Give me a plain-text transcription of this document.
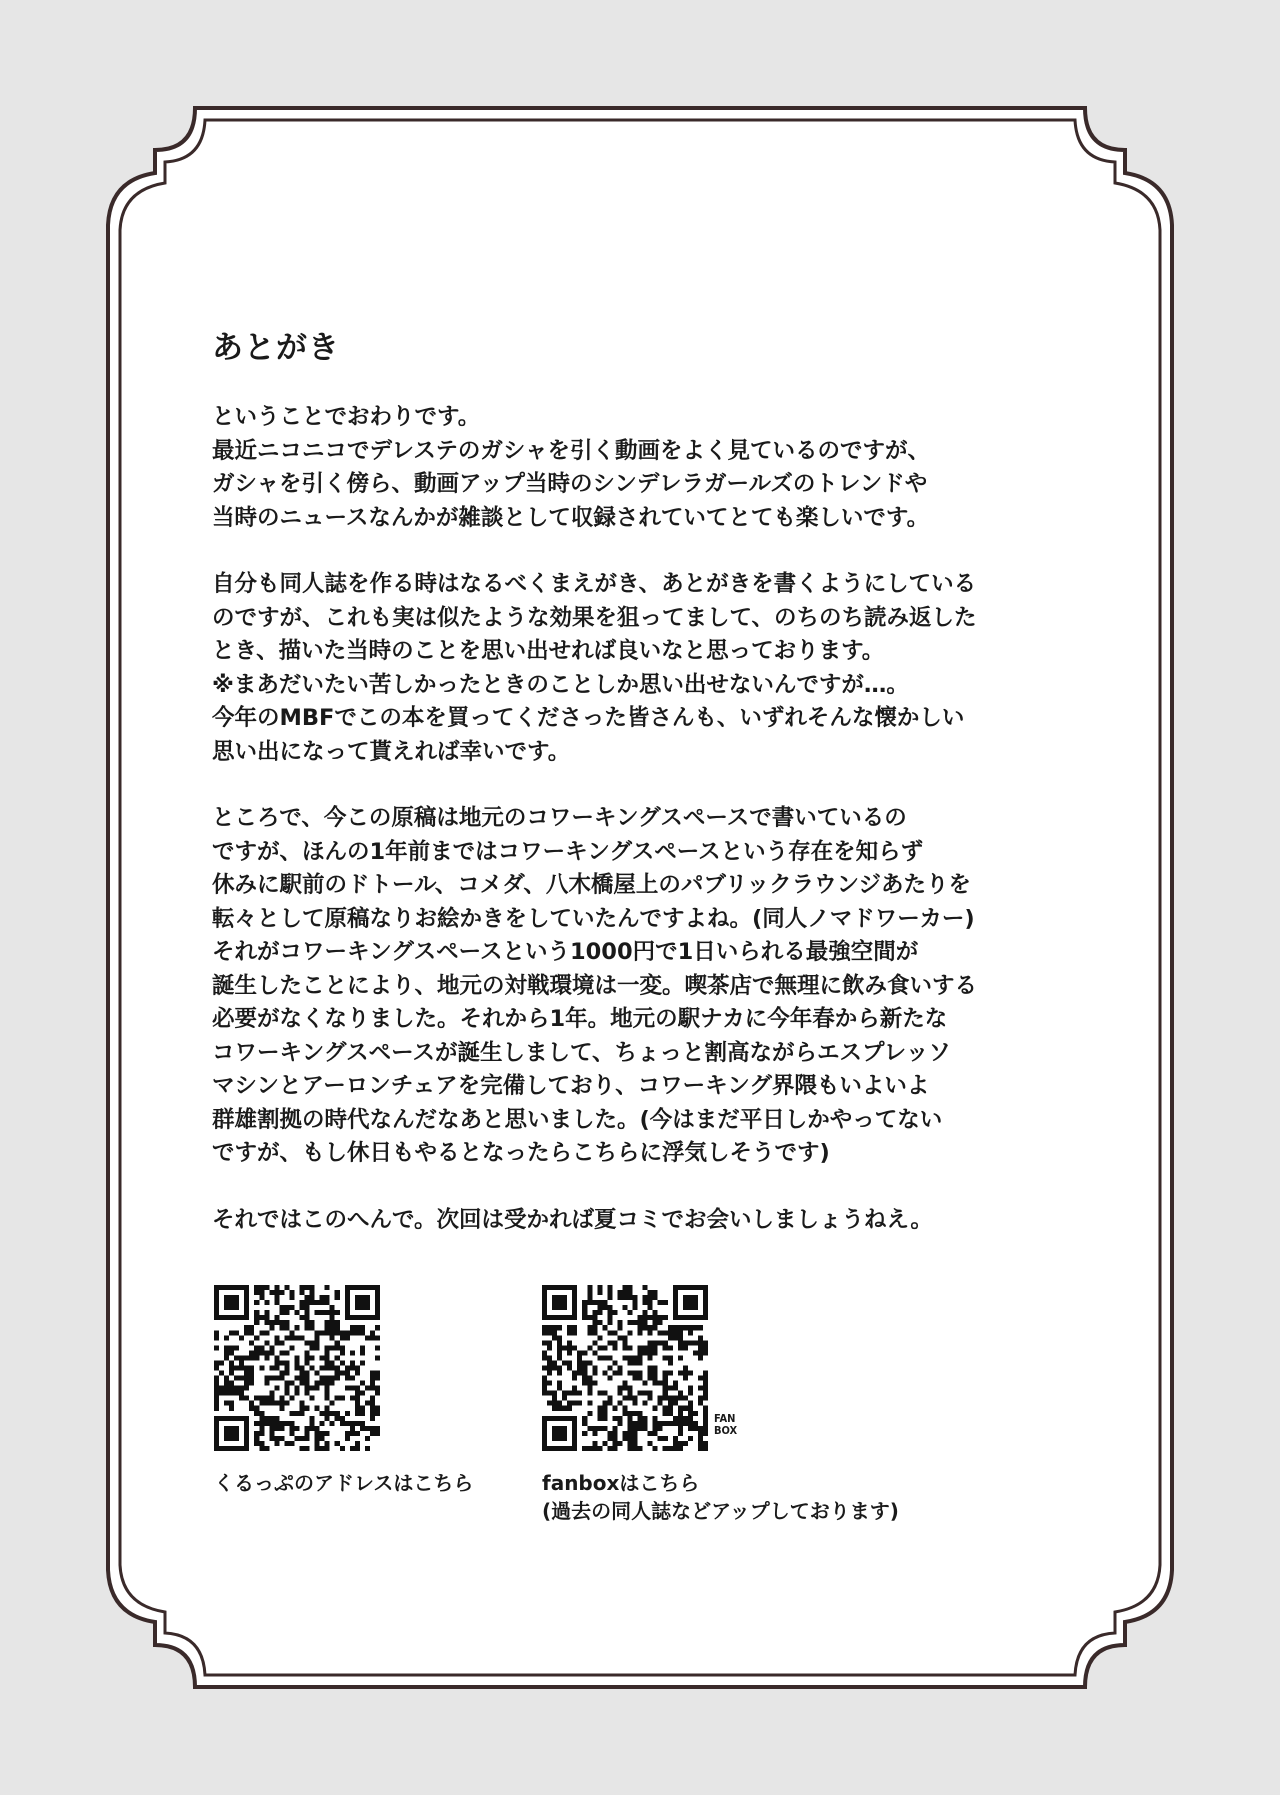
あとがき
ということでおわりです。
最近ニコニコでデレステのガシャを引く動画をよく見ているのですが、
ガシャを引く傍ら、動画アップ当時のシンデレラガールズのトレンドや
当時のニュースなんかが雑談として収録されていてとても楽しいです。
自分も同人誌を作る時はなるべくまえがき、あとがきを書くようにしている
のですが、これも実は似たような効果を狙ってまして、のちのち読み返した
とき、描いた当時のことを思い出せれば良いなと思っております。
※まあだいたい苦しかったときのことしか思い出せないんですが…。
今年のMBFでこの本を買ってくださった皆さんも、いずれそんな懐かしい
思い出になって貰えれば幸いです。
ところで、今この原稿は地元のコワーキングスペースで書いているの
ですが、ほんの1年前まではコワーキングスペースという存在を知らず
休みに駅前のドトール、コメダ、八木橋屋上のパブリックラウンジあたりを
転々として原稿なりお絵かきをしていたんですよね。(同人ノマドワーカー)
それがコワーキングスペースという1000円で1日いられる最強空間が
誕生したことにより、地元の対戦環境は一変。喫茶店で無理に飲み食いする
必要がなくなりました。それから1年。地元の駅ナカに今年春から新たな
コワーキングスペースが誕生しまして、ちょっと割高ながらエスプレッソ
マシンとアーロンチェアを完備しており、コワーキング界隈もいよいよ
群雄割拠の時代なんだなあと思いました。(今はまだ平日しかやってない
ですが、もし休日もやるとなったらこちらに浮気しそうです)
それではこのへんで。次回は受かれば夏コミでお会いしましょうねえ。
くるっぷのアドレスはこちら
FAN
BOX
fanboxはこちら
(過去の同人誌などアップしております)
